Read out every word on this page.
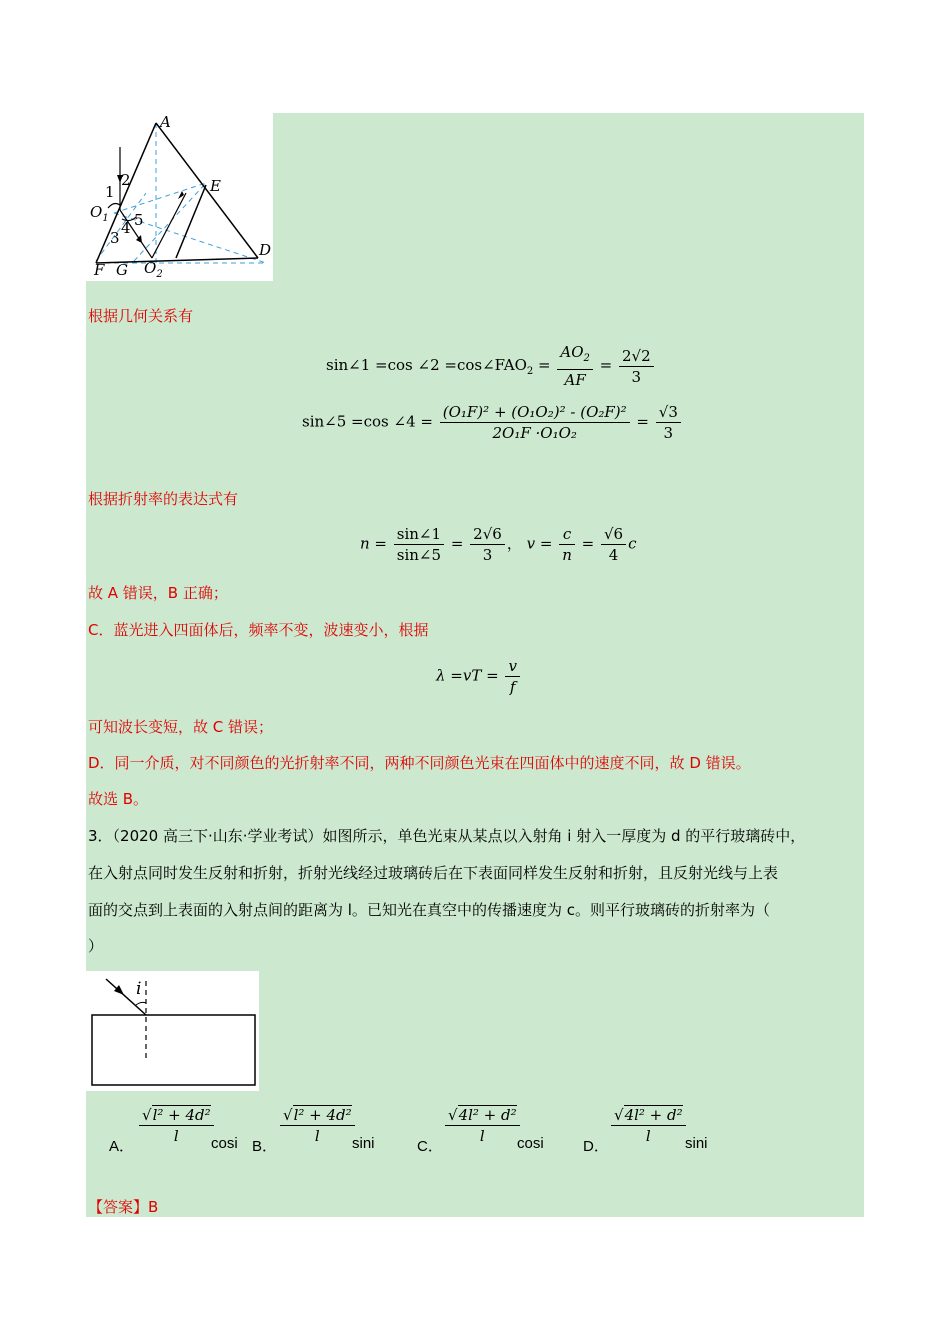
A
E
D
$O_1$
$O_2$
F G
1
2
3
4 5
根据几何关系有
sin∠1 =cos ∠2 $=\cos\angle FAO_2 = \frac{AO_2}{AF} = \frac{2√2}{3}$
sin∠5 =cos ∠4 = $\frac{\text{(O₁F)² + (O₁O₂)² - (O₂F)²}}{\text{2O₁F ·O₁O₂}} = \frac{√3}{3}$
根据折射率的表达式有
$n = \frac{\sin\angle 1}{\sin\angle 5} = \frac{2√6}{3}$ ， $v = \frac{c}{n} = \frac{√6}{4}$ c
故 A 错误，B 正确；
C．蓝光进入四面体后，频率不变，波速变小，根据
$\lambda =vT = \frac{v}{f}$
可知波长变短，故 C 错误；
D．同一介质，对不同颜色的光折射率不同，两种不同颜色光束在四面体中的速度不同，故 D 错误。
故选 B。
3．（2020 高三下·山东·学业考试）如图所示，单色光束从某点以入射角 i 射入一厚度为 d 的平行玻璃砖中，
在入射点同时发生反射和折射，折射光线经过玻璃砖后在下表面同样发生反射和折射，且反射光线与上表
面的交点到上表面的入射点间的距离为 l。已知光在真空中的传播速度为 c。则平行玻璃砖的折射率为（
）
i
A．
$\frac{\text{√l² + 4d²}}{l}$
cosi B．
$\frac{\text{√l² + 4d²}}{l}$
sini	C．
$\frac{\text{√4l² + d²}}{l}$
cosi	D．
$\frac{\text{√4l² + d²}}{l}$ sini
【答案】B
